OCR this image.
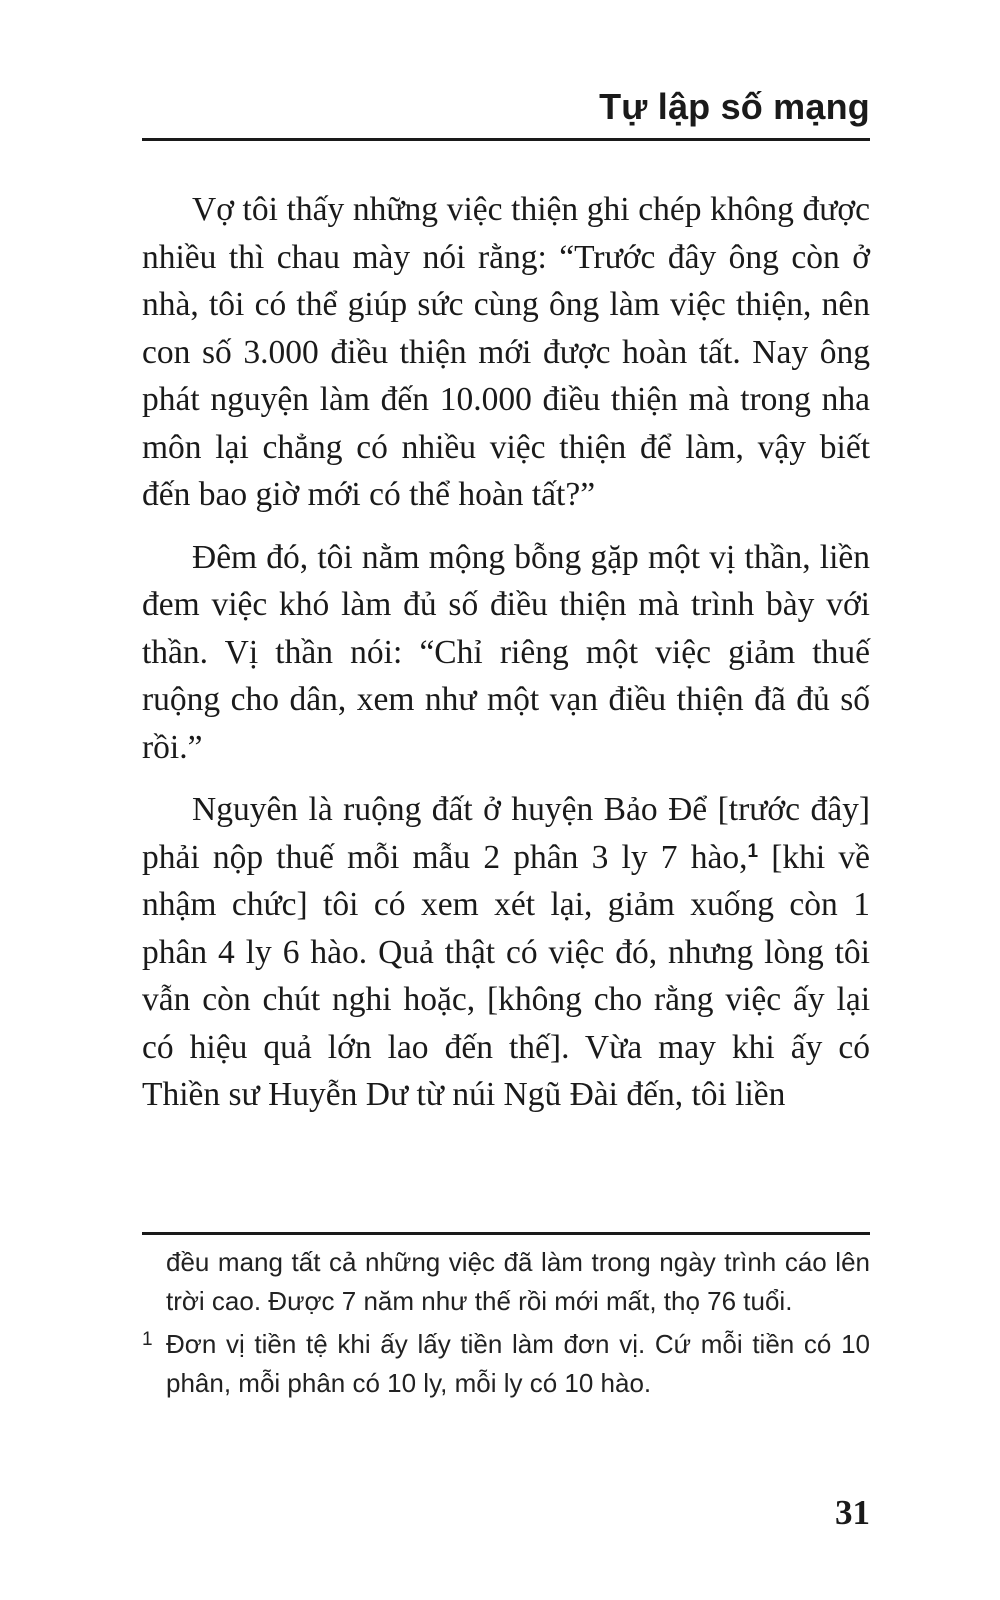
Tự lập số mạng

Vợ tôi thấy những việc thiện ghi chép không được nhiều thì chau mày nói rằng: “Trước đây ông còn ở nhà, tôi có thể giúp sức cùng ông làm việc thiện, nên con số 3.000 điều thiện mới được hoàn tất. Nay ông phát nguyện làm đến 10.000 điều thiện mà trong nha môn lại chẳng có nhiều việc thiện để làm, vậy biết đến bao giờ mới có thể hoàn tất?”

Đêm đó, tôi nằm mộng bỗng gặp một vị thần, liền đem việc khó làm đủ số điều thiện mà trình bày với thần. Vị thần nói: “Chỉ riêng một việc giảm thuế ruộng cho dân, xem như một vạn điều thiện đã đủ số rồi.”

Nguyên là ruộng đất ở huyện Bảo Để [trước đây] phải nộp thuế mỗi mẫu 2 phân 3 ly 7 hào,$^1$ [khi về nhậm chức] tôi có xem xét lại, giảm xuống còn 1 phân 4 ly 6 hào. Quả thật có việc đó, nhưng lòng tôi vẫn còn chút nghi hoặc, [không cho rằng việc ấy lại có hiệu quả lớn lao đến thế]. Vừa may khi ấy có Thiền sư Huyễn Dư từ núi Ngũ Đài đến, tôi liền

đều mang tất cả những việc đã làm trong ngày trình cáo lên trời cao. Được 7 năm như thế rồi mới mất, thọ 76 tuổi.

1 Đơn vị tiền tệ khi ấy lấy tiền làm đơn vị. Cứ mỗi tiền có 10 phân, mỗi phân có 10 ly, mỗi ly có 10 hào.

31
